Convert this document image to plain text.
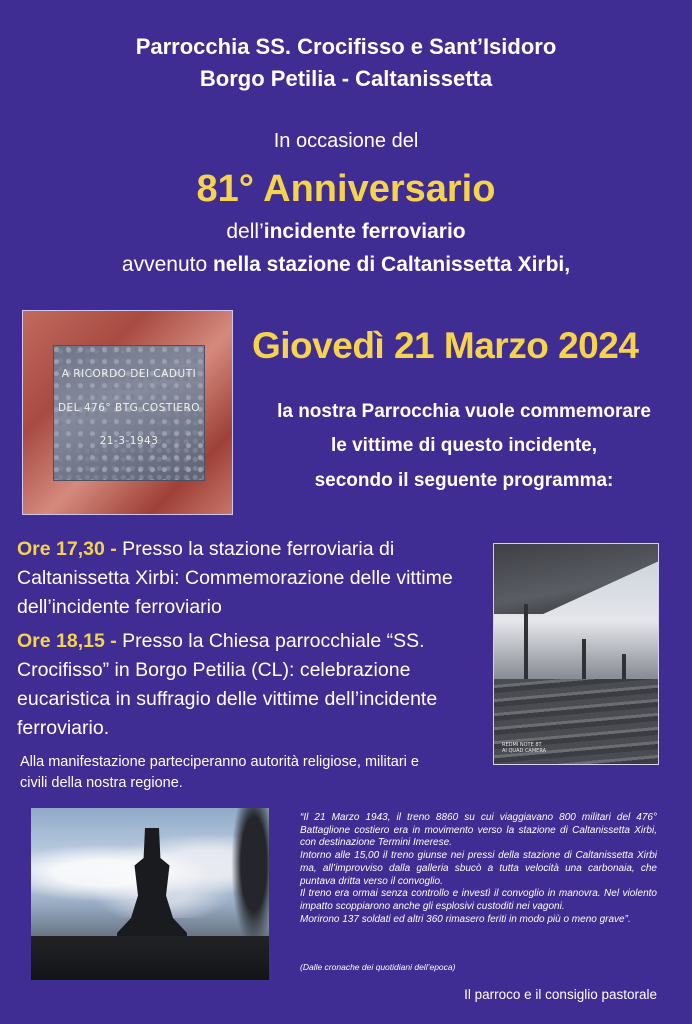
Parrocchia SS. Crocifisso e Sant’Isidoro
Borgo Petilia - Caltanissetta
In occasione del
81° Anniversario
dell’incidente ferroviario
avvenuto nella stazione di Caltanissetta Xirbi,
A RICORDO DEI CADUTI
DEL 476° BTG COSTIERO
21-3-1943
Giovedì 21 Marzo 2024
la nostra Parrocchia vuole commemorare
le vittime di questo incidente,
secondo il seguente programma:
Ore 17,30 - Presso la stazione ferroviaria di Caltanissetta Xirbi: Commemorazione delle vittime dell’incidente ferroviario
Ore 18,15 - Presso la Chiesa parrocchiale “SS. Crocifisso” in Borgo Petilia (CL): celebrazione eucaristica in suffragio delle vittime dell’incidente ferroviario.
REDMI NOTE 8T
AI QUAD CAMERA
Alla manifestazione parteciperanno autorità religiose, militari e civili della nostra regione.

“Il 21 Marzo 1943, il treno 8860 su cui viaggiavano 800 militari del 476° Battaglione costiero era in movimento verso la stazione di Caltanissetta Xirbi, con destinazione Termini Imerese.

Intorno alle 15,00 il treno giunse nei pressi della stazione di Caltanissetta Xirbi ma, all’improvviso dalla galleria sbucò a tutta velocità una carbonaia, che puntava dritta verso il convoglio.

Il treno era ormai senza controllo e investì il convoglio in manovra. Nel violento impatto scoppiarono anche gli esplosivi custoditi nei vagoni.

Morirono 137 soldati ed altri 360 rimasero feriti in modo più o meno grave”.

(Dalle cronache dei quotidiani dell’epoca)
Il parroco e il consiglio pastorale
